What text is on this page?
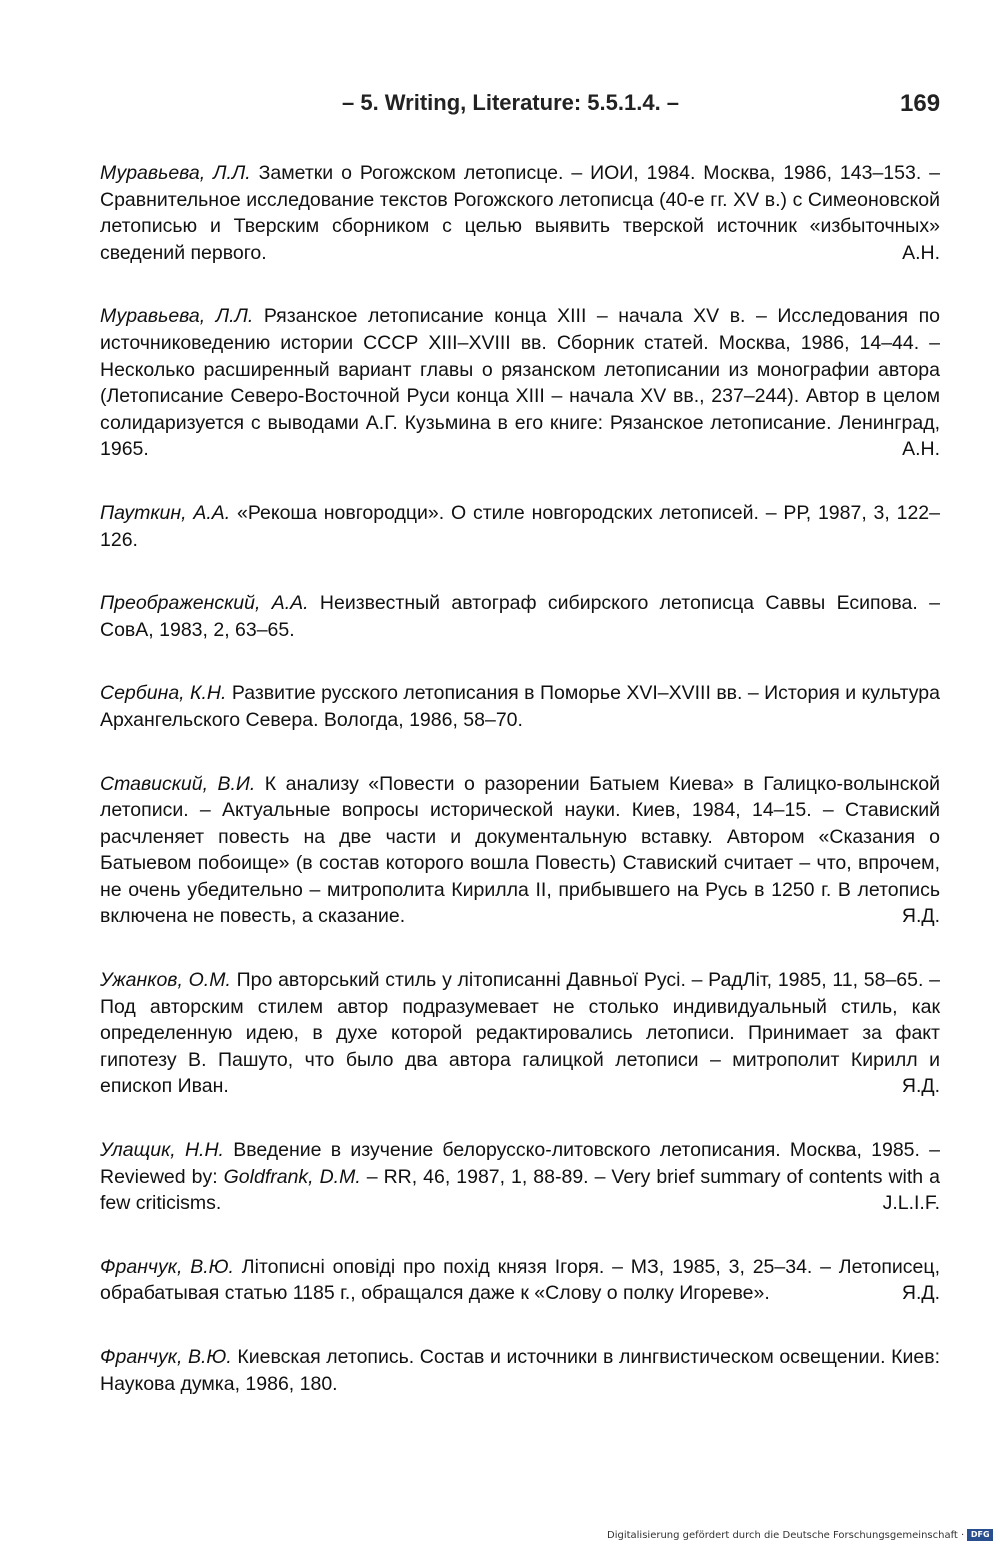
– 5. Writing, Literature: 5.5.1.4. –	169

Муравьева, Л.Л. Заметки о Рогожском летописце. – ИОИ, 1984. Москва, 1986, 143–153. – Сравнительное исследование текстов Рогожского летописца (40-е гг. XV в.) с Симеоновской летописью и Тверским сборником с целью выявить тверской источник «избыточных» сведений первого.	А.Н.

Муравьева, Л.Л. Рязанское летописание конца XIII – начала XV в. – Исследования по источниковедению истории СССР XIII–XVIII вв. Сборник статей. Москва, 1986, 14–44. – Несколько расширенный вариант главы о рязанском летописании из монографии автора (Летописание Северо-Восточной Руси конца XIII – начала XV вв., 237–244). Автор в целом солидаризуется с выводами А.Г. Кузьмина в его книге: Рязанское летописание. Ленинград, 1965.	А.Н.

Пауткин, А.А. «Рекоша новгородци». О стиле новгородских летописей. – РР, 1987, 3, 122–126.

Преображенский, А.А. Неизвестный автограф сибирского летописца Саввы Есипова. – СовА, 1983, 2, 63–65.

Сербина, К.Н. Развитие русского летописания в Поморье XVI–XVIII вв. – История и культура Архангельского Севера. Вологда, 1986, 58–70.

Ставиский, В.И. К анализу «Повести о разорении Батыем Киева» в Галицко-волынской летописи. – Актуальные вопросы исторической науки. Киев, 1984, 14–15. – Ставиский расчленяет повесть на две части и документальную вставку. Автором «Сказания о Батыевом побоище» (в состав которого вошла Повесть) Ставиский считает – что, впрочем, не очень убедительно – митрополита Кирилла II, прибывшего на Русь в 1250 г. В летопись включена не повесть, а сказание.	Я.Д.

Ужанков, О.М. Про авторський стиль у літописанні Давньої Русі. – РадЛіт, 1985, 11, 58–65. – Под авторским стилем автор подразумевает не столько индивидуальный стиль, как определенную идею, в духе которой редактировались летописи. Принимает за факт гипотезу В. Пашуто, что было два автора галицкой летописи – митрополит Кирилл и епископ Иван.	Я.Д.

Улащик, Н.Н. Введение в изучение белорусско-литовского летописания. Москва, 1985. – Reviewed by: Goldfrank, D.M. – RR, 46, 1987, 1, 88-89. – Very brief summary of contents with a few criticisms.	J.L.I.F.

Франчук, В.Ю. Літописні оповіді про похід князя Ігоря. – МЗ, 1985, 3, 25–34. – Летописец, обрабатывая статью 1185 г., обращался даже к «Слову о полку Игореве».	Я.Д.

Франчук, В.Ю. Киевская летопись. Состав и источники в лингвистическом освещении. Киев: Наукова думка, 1986, 180.

Digitalisierung gefördert durch die Deutsche Forschungsgemeinschaft · DFG
